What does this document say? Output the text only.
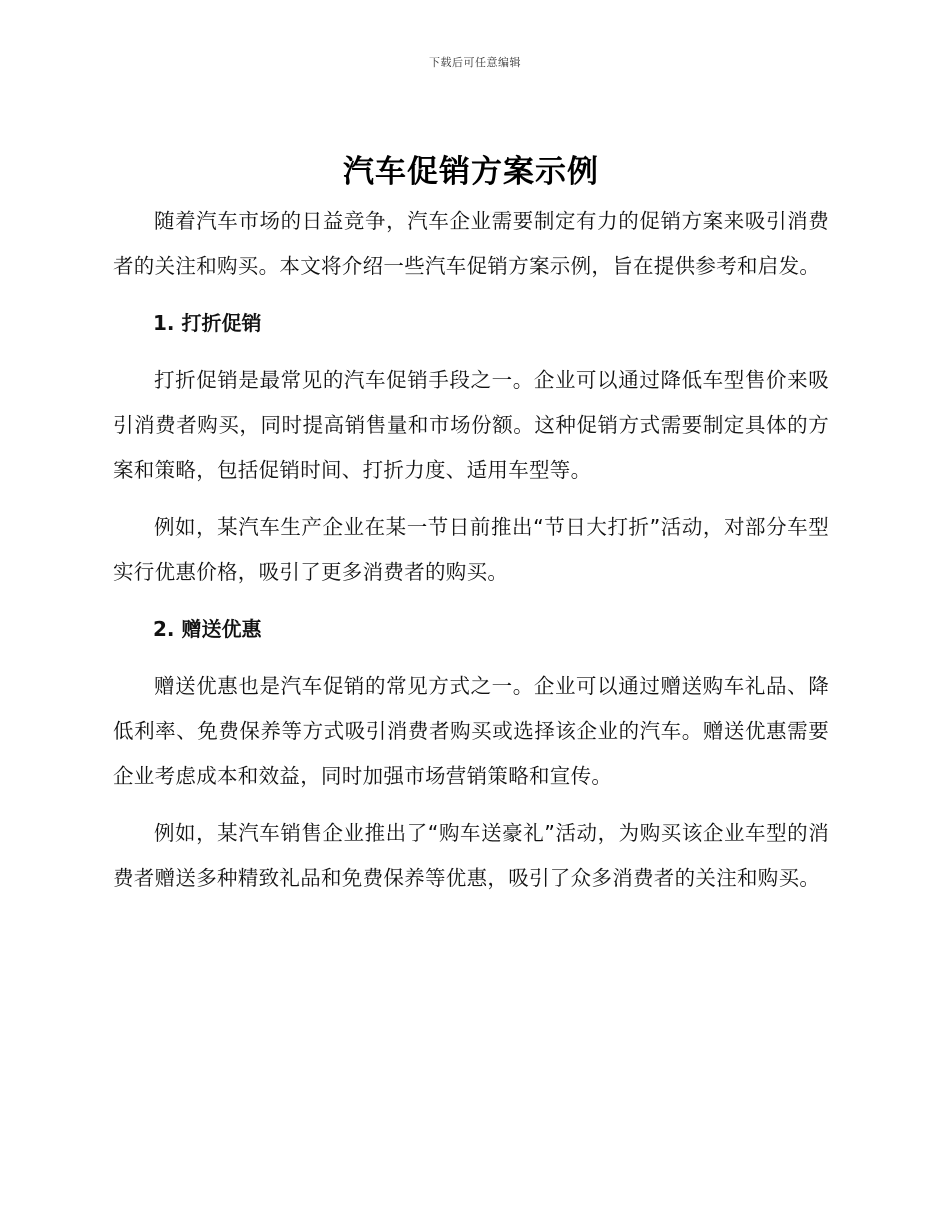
下载后可任意编辑
汽车促销方案示例

随着汽车市场的日益竞争，汽车企业需要制定有力的促销方案来吸引消费者的关注和购买。本文将介绍一些汽车促销方案示例，旨在提供参考和启发。

1. 打折促销

打折促销是最常见的汽车促销手段之一。企业可以通过降低车型售价来吸引消费者购买，同时提高销售量和市场份额。这种促销方式需要制定具体的方案和策略，包括促销时间、打折力度、适用车型等。

例如，某汽车生产企业在某一节日前推出“节日大打折”活动，对部分车型实行优惠价格，吸引了更多消费者的购买。

2. 赠送优惠

赠送优惠也是汽车促销的常见方式之一。企业可以通过赠送购车礼品、降低利率、免费保养等方式吸引消费者购买或选择该企业的汽车。赠送优惠需要企业考虑成本和效益，同时加强市场营销策略和宣传。

例如，某汽车销售企业推出了“购车送豪礼”活动，为购买该企业车型的消费者赠送多种精致礼品和免费保养等优惠，吸引了众多消费者的关注和购买。
